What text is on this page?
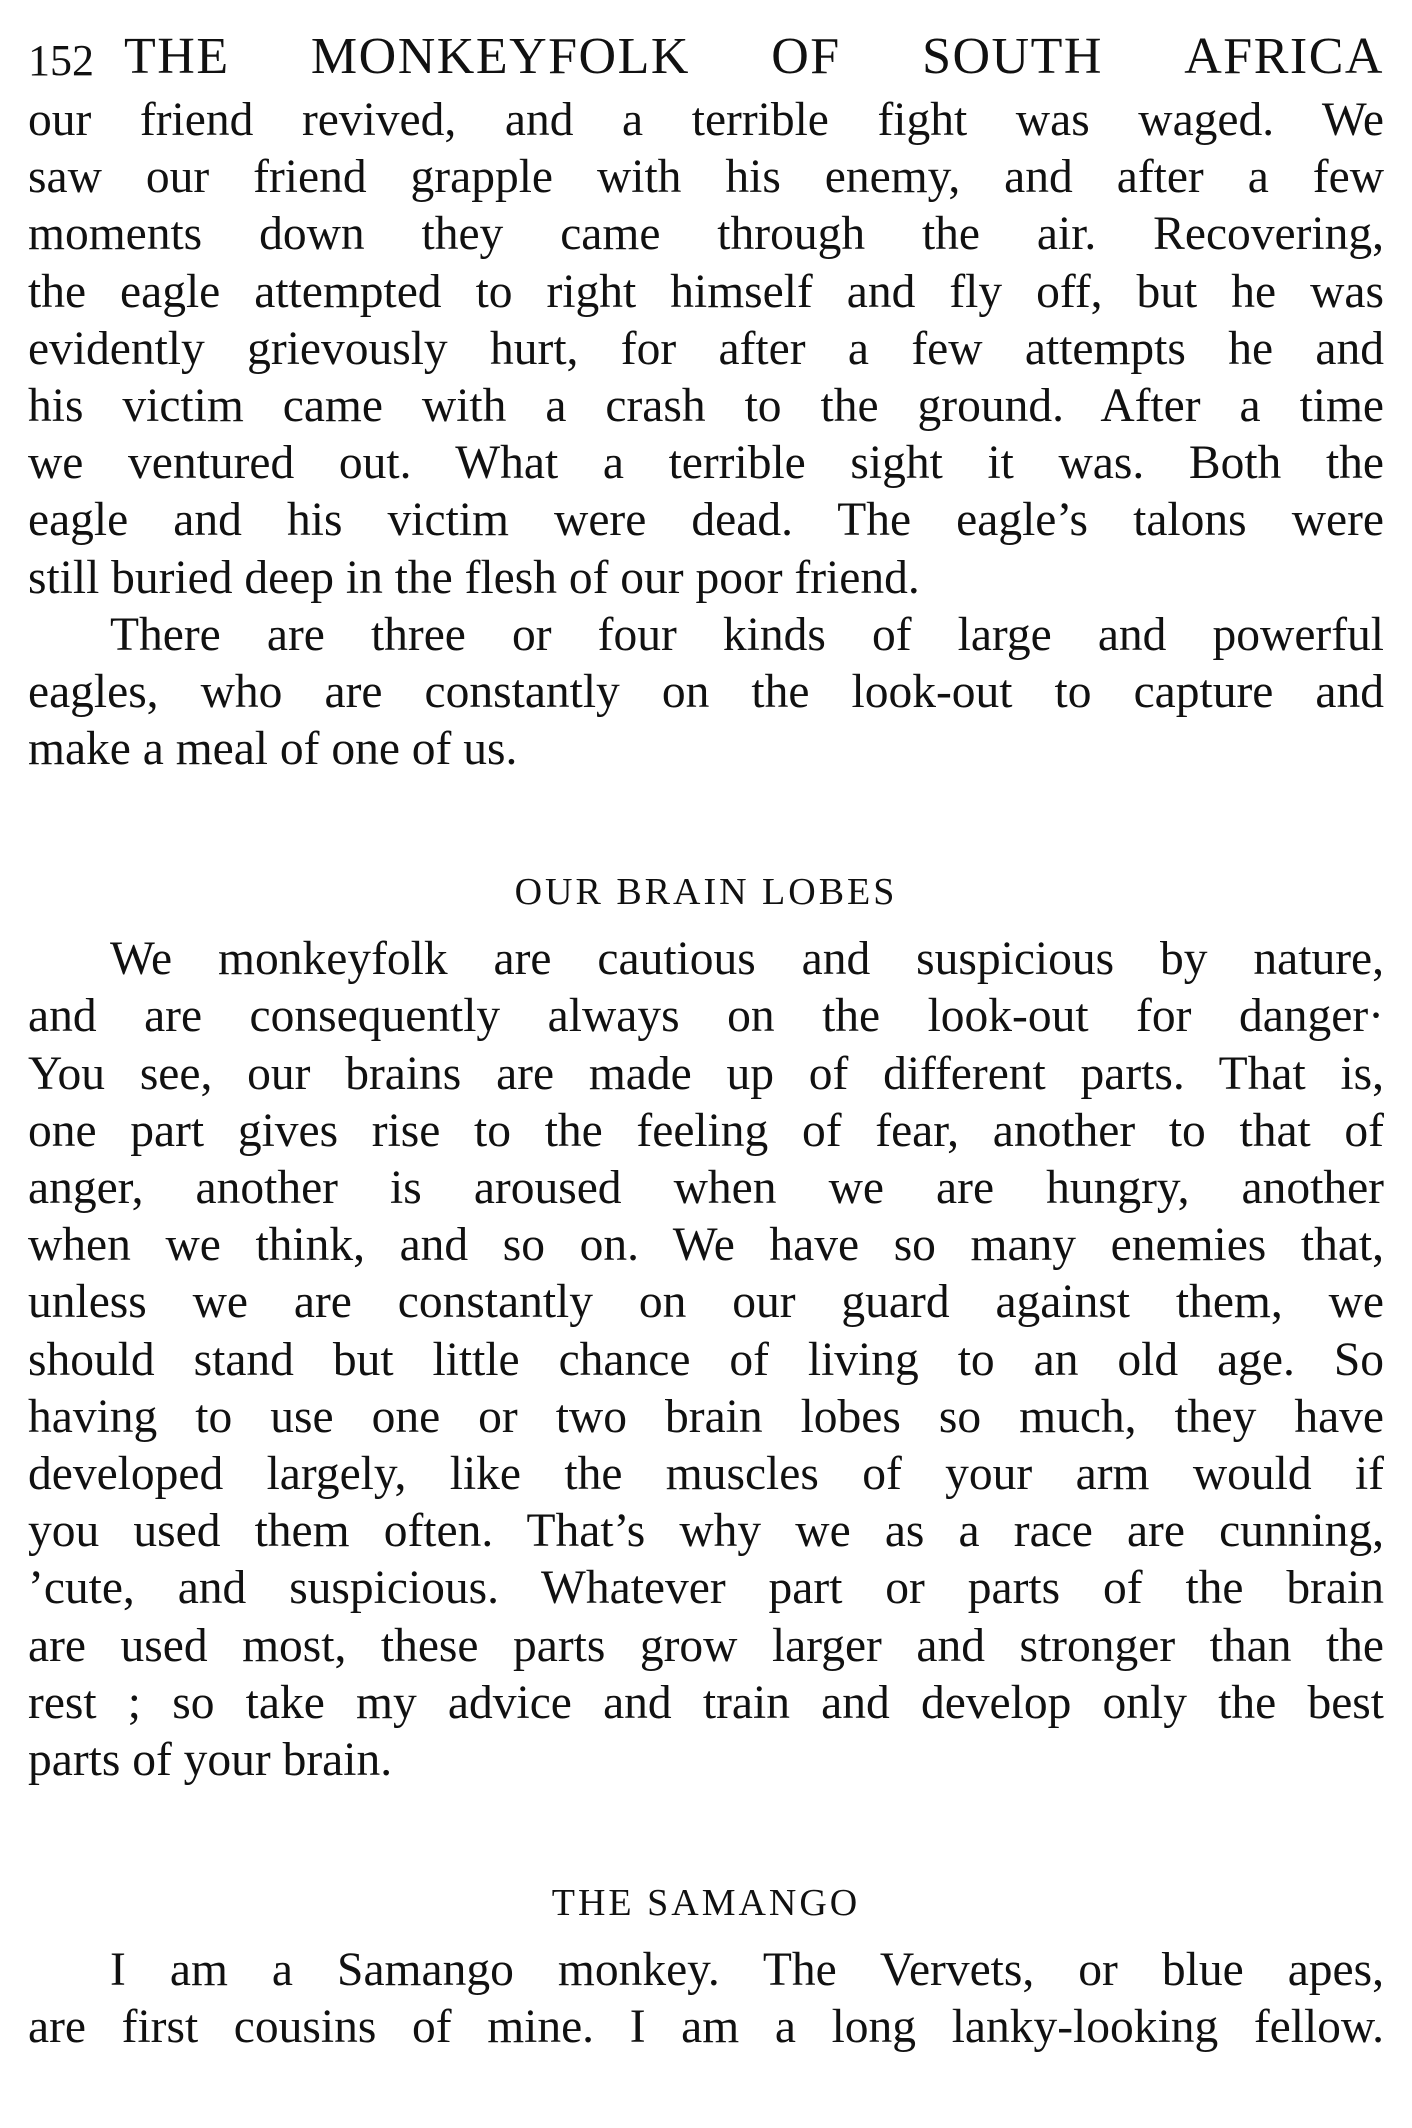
152 THE MONKEYFOLK OF SOUTH AFRICA
our friend revived, and a terrible fight was waged. We
saw our friend grapple with his enemy, and after a few
moments down they came through the air. Recovering,
the eagle attempted to right himself and fly off, but he was
evidently grievously hurt, for after a few attempts he and
his victim came with a crash to the ground. After a time
we ventured out. What a terrible sight it was. Both the
eagle and his victim were dead. The eagle’s talons were
still buried deep in the flesh of our poor friend.
There are three or four kinds of large and powerful
eagles, who are constantly on the look-out to capture and
make a meal of one of us.
OUR BRAIN LOBES
We monkeyfolk are cautious and suspicious by nature,
and are consequently always on the look-out for danger·
You see, our brains are made up of different parts. That is,
one part gives rise to the feeling of fear, another to that of
anger, another is aroused when we are hungry, another
when we think, and so on. We have so many enemies that,
unless we are constantly on our guard against them, we
should stand but little chance of living to an old age. So
having to use one or two brain lobes so much, they have
developed largely, like the muscles of your arm would if
you used them often. That’s why we as a race are cunning,
’cute, and suspicious. Whatever part or parts of the brain
are used most, these parts grow larger and stronger than the
rest ; so take my advice and train and develop only the best
parts of your brain.
THE SAMANGO
I am a Samango monkey. The Vervets, or blue apes,
are first cousins of mine. I am a long lanky-looking fellow.
